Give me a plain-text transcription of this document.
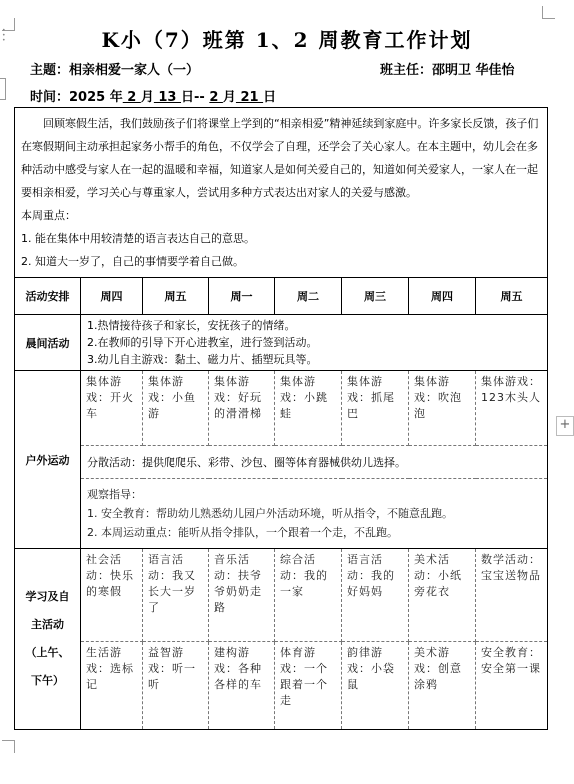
•
•
•
+
K小（7）班第 1、2 周教育工作计划
主题：相亲相爱一家人（一）	班主任：邵明卫 华佳怡
时间：2025 年 2 月 13 日-- 2 月 21 日

回顾寒假生活，我们鼓励孩子们将课堂上学到的“相亲相爱”精神延续到家庭中。许多家长反馈，孩子们在寒假期间主动承担起家务小帮手的角色，不仅学会了自理，还学会了关心家人。在本主题中，幼儿会在多种活动中感受与家人在一起的温暖和幸福，知道家人是如何关爱自己的，知道如何关爱家人，一家人在一起要相亲相爱，学习关心与尊重家人，尝试用多种方式表达出对家人的关爱与感激。

本周重点：

1. 能在集体中用较清楚的语言表达自己的意思。

2. 知道大一岁了，自己的事情要学着自己做。							

活动安排	周四	周五	周一	周二	周三	周四	周五
晨间活动	1.热情接待孩子和家长，安抚孩子的情绪。
2.在教师的引导下开心进教室，进行签到活动。
3.幼儿自主游戏：黏土、磁力片、插塑玩具等。						

户外运动	集体游戏：开火车	集体游戏：小鱼游	集体游戏：好玩的滑滑梯	集体游戏：小跳蛙	集体游戏：抓尾巴	集体游戏：吹泡泡	集体游戏：123木头人
	分散活动：提供爬爬乐、彩带、沙包、圈等体育器械供幼儿选择。						

	观察指导：
1. 安全教育：帮助幼儿熟悉幼儿园户外活动环境，听从指令，不随意乱跑。
2. 本周运动重点：能听从指令排队，一个跟着一个走，不乱跑。						

学习及自
主活动
（上午、
下午）	社会活动：快乐的寒假	语言活动：我又长大一岁了	音乐活动：扶爷爷奶奶走路	综合活动：我的一家	语言活动：我的好妈妈	美术活动：小纸旁花衣	数学活动：宝宝送物品
	生活游戏：选标记	益智游戏：听一听	建构游戏：各种各样的车	体育游戏：一个跟着一个走	韵律游戏：小袋鼠	美术游戏：创意涂鸦	安全教育：安全第一课
